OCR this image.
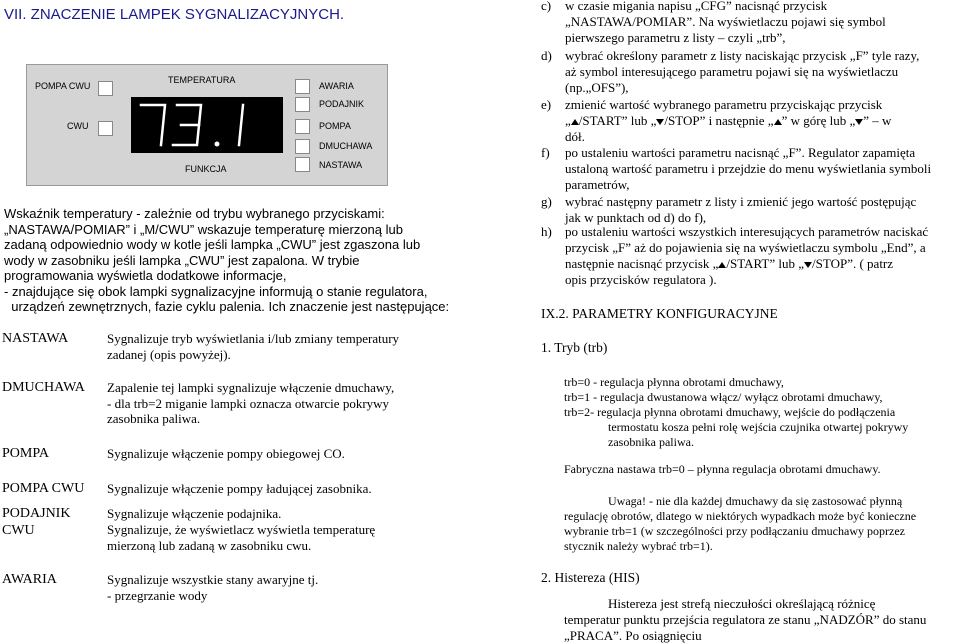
VII. ZNACZENIE LAMPEK SYGNALIZACYJNYCH.
POMPA CWU
CWU
TEMPERATURA
73.1
FUNKCJA
AWARIA
PODAJNIK
POMPA
DMUCHAWA
NASTAWA

Wskaźnik temperatury - zależnie od trybu wybranego przyciskami:

„NASTAWA/POMIAR” i „M/CWU” wskazuje temperaturę mierzoną lub

zadaną odpowiednio wody w kotle jeśli lampka „CWU” jest zgaszona lub

wody w zasobniku jeśli lampka „CWU” jest zapalona. W trybie

programowania wyświetla dodatkowe informacje,

- znajdujące się obok lampki sygnalizacyjne informują o stanie regulatora,

urządzeń zewnętrznych, fazie cyklu palenia. Ich znaczenie jest następujące:

NASTAWA	Sygnalizuje tryb wyświetlania i/lub zmiany temperatury

zadanej (opis powyżej).

DMUCHAWA Zapalenie tej lampki sygnalizuje włączenie dmuchawy,

- dla trb=2 miganie lampki oznacza otwarcie pokrywy

zasobnika paliwa.

POMPA	Sygnalizuje włączenie pompy obiegowej CO.

POMPA CWU Sygnalizuje włączenie pompy ładującej zasobnika.

PODAJNIK	Sygnalizuje włączenie podajnika.

CWU	Sygnalizuje, że wyświetlacz wyświetla temperaturę

mierzoną lub zadaną w zasobniku cwu.

AWARIA	Sygnalizuje wszystkie stany awaryjne tj.

- przegrzanie wody

c) w czasie migania napisu „CFG” nacisnąć przycisk
„NASTAWA/POMIAR”. Na wyświetlaczu pojawi się symbol
pierwszego parametru z listy – czyli „trb”,
d) wybrać określony parametr z listy naciskając przycisk „F” tyle razy,
aż symbol interesującego parametru pojawi się na wyświetlaczu
(np.„OFS”),
e) zmienić wartość wybranego parametru przyciskając przycisk
„ /START” lub „ /STOP” i następnie „ ” w górę lub „ ” – w
dół.
f) po ustaleniu wartości parametru nacisnąć „F”. Regulator zapamięta
ustaloną wartość parametru i przejdzie do menu wyświetlania symboli
parametrów,
g) wybrać następny parametr z listy i zmienić jego wartość postępując
jak w punktach od d) do f),
h) po ustaleniu wartości wszystkich interesujących parametrów naciskać
przycisk „F” aż do pojawienia się na wyświetlaczu symbolu „End”, a
następnie nacisnąć przycisk „ /START” lub „ /STOP”. ( patrz
opis przycisków regulatora ).
IX.2. PARAMETRY KONFIGURACYJNE
1. Tryb (trb)
trb=0 - regulacja płynna obrotami dmuchawy,
trb=1 - regulacja dwustanowa włącz/ wyłącz obrotami dmuchawy,
trb=2- regulacja płynna obrotami dmuchawy, wejście do podłączenia
termostatu kosza pełni rolę wejścia czujnika otwartej pokrywy
zasobnika paliwa.
Fabryczna nastawa trb=0 – płynna regulacja obrotami dmuchawy.
Uwaga! - nie dla każdej dmuchawy da się zastosować płynną
regulację obrotów, dlatego w niektórych wypadkach może być konieczne
wybranie trb=1 (w szczególności przy podłączaniu dmuchawy poprzez
stycznik należy wybrać trb=1).
2. Histereza (HIS)
Histereza jest strefą nieczułości określającą różnicę
temperatur punktu przejścia regulatora ze stanu „NADZÓR” do stanu
„PRACA”. Po osiągnięciu
